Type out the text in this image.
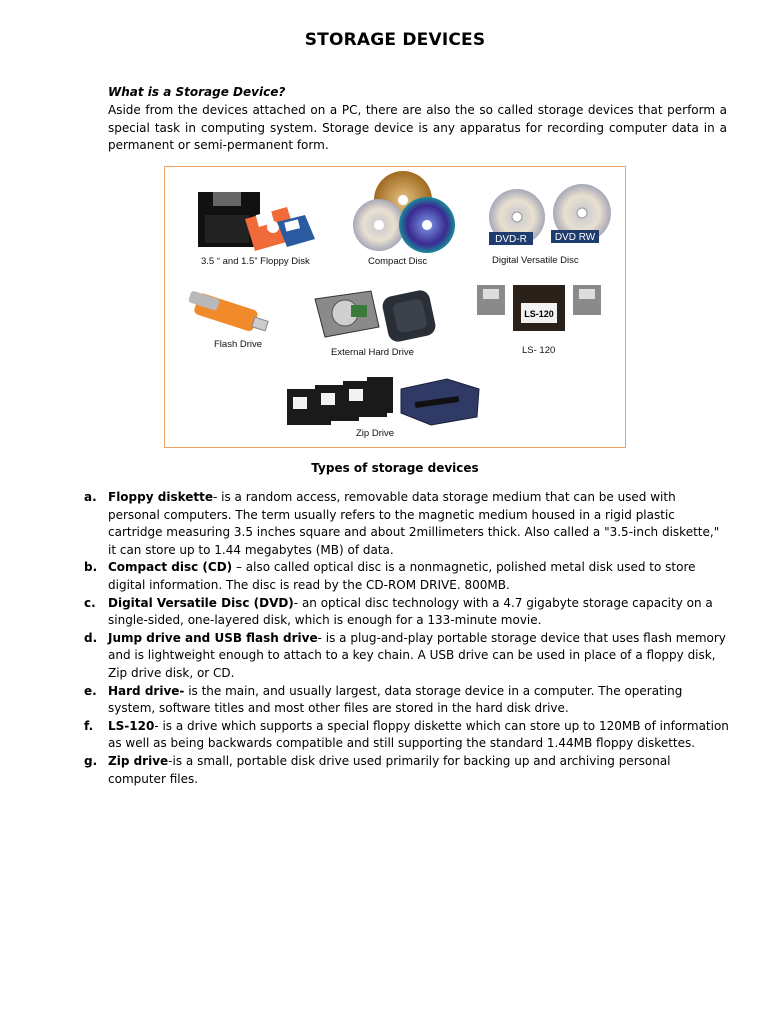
STORAGE DEVICES
What is a Storage Device?
Aside from the devices attached on a PC, there are also the so called storage devices that perform a special task in computing system. Storage device is any apparatus for recording computer data in a permanent or semi-permanent form.
DVD-R	DVD RW
LS-120
3.5 “ and 1.5” Floppy Disk	Compact Disc	Digital Versatile Disc
Flash Drive
External Hard Drive	LS- 120
Zip Drive
Types of storage devices
a. Floppy diskette- is a random access, removable data storage medium that can be used with personal computers. The term usually refers to the magnetic medium housed in a rigid plastic cartridge measuring 3.5 inches square and about 2millimeters thick. Also called a "3.5-inch diskette," it can store up to 1.44 megabytes (MB) of data.
b. Compact disc (CD) – also called optical disc is a nonmagnetic, polished metal disk used to store digital information. The disc is read by the CD-ROM DRIVE. 800MB.
c. Digital Versatile Disc (DVD)- an optical disc technology with a 4.7 gigabyte storage capacity on a single-sided, one-layered disk, which is enough for a 133-minute movie.
d. Jump drive and USB flash drive- is a plug-and-play portable storage device that uses flash memory and is lightweight enough to attach to a key chain. A USB drive can be used in place of a floppy disk, Zip drive disk, or CD.
e. Hard drive- is the main, and usually largest, data storage device in a computer. The operating system, software titles and most other files are stored in the hard disk drive.
f. LS-120- is a drive which supports a special floppy diskette which can store up to 120MB of information as well as being backwards compatible and still supporting the standard 1.44MB floppy diskettes.
g. Zip drive-is a small, portable disk drive used primarily for backing up and archiving personal computer files.
